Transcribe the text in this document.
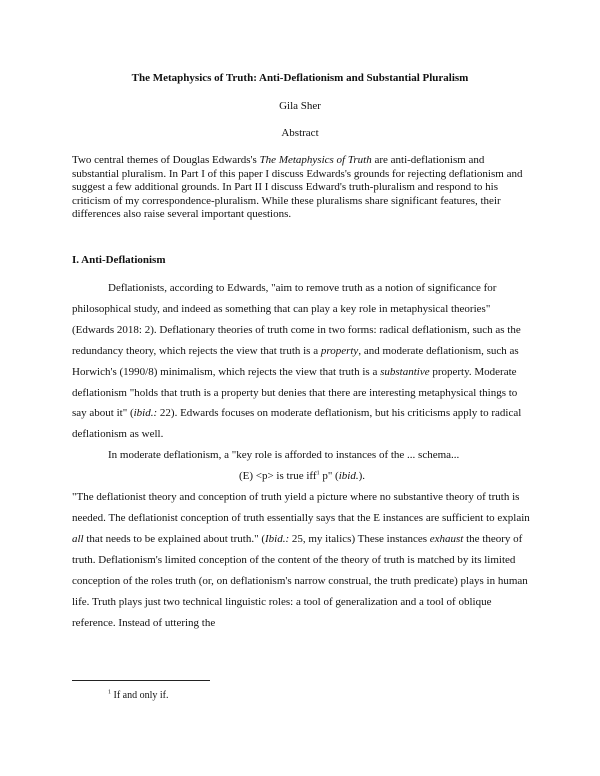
The Metaphysics of Truth: Anti-Deflationism and Substantial Pluralism
Gila Sher
Abstract
Two central themes of Douglas Edwards's The Metaphysics of Truth are anti-deflationism and substantial pluralism. In Part I of this paper I discuss Edwards's grounds for rejecting deflationism and suggest a few additional grounds. In Part II I discuss Edward's truth-pluralism and respond to his criticism of my correspondence-pluralism. While these pluralisms share significant features, their differences also raise several important questions.
I. Anti-Deflationism

Deflationists, according to Edwards, "aim to remove truth as a notion of significance for philosophical study, and indeed as something that can play a key role in metaphysical theories" (Edwards 2018: 2). Deflationary theories of truth come in two forms: radical deflationism, such as the redundancy theory, which rejects the view that truth is a property, and moderate deflationism, such as Horwich's (1990/8) minimalism, which rejects the view that truth is a substantive property. Moderate deflationism "holds that truth is a property but denies that there are interesting metaphysical things to say about it" (ibid.: 22). Edwards focuses on moderate deflationism, but his criticisms apply to radical deflationism as well.

In moderate deflationism, a "key role is afforded to instances of the ... schema...

(E) <p> is true iff$^1$ p" (ibid.).

"The deflationist theory and conception of truth yield a picture where no substantive theory of truth is needed. The deflationist conception of truth essentially says that the E instances are sufficient to explain all that needs to be explained about truth." (Ibid.: 25, my italics) These instances exhaust the theory of truth. Deflationism's limited conception of the content of the theory of truth is matched by its limited conception of the roles truth (or, on deflationism's narrow construal, the truth predicate) plays in human life. Truth plays just two technical linguistic roles: a tool of generalization and a tool of oblique reference. Instead of uttering the

$^1$ If and only if.
